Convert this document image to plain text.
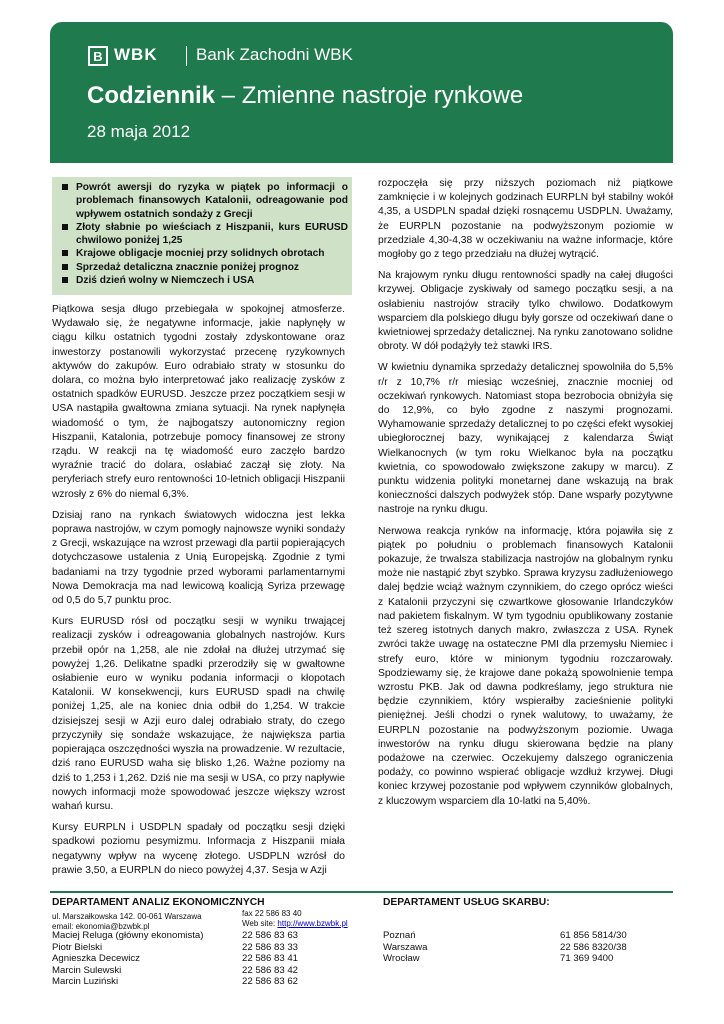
B WBK Bank Zachodni WBK
Codziennik – Zmienne nastroje rynkowe
28 maja 2012
Powrót awersji do ryzyka w piątek po informacji o problemach finansowych Katalonii, odreagowanie pod wpływem ostatnich sondaży z Grecji
Złoty słabnie po wieściach z Hiszpanii, kurs EURUSD chwilowo poniżej 1,25
Krajowe obligacje mocniej przy solidnych obrotach
Sprzedaż detaliczna znacznie poniżej prognoz
Dziś dzień wolny w Niemczech i USA

Piątkowa sesja długo przebiegała w spokojnej atmosferze. Wydawało się, że negatywne informacje, jakie napłynęły w ciągu kilku ostatnich tygodni zostały zdyskontowane oraz inwestorzy postanowili wykorzystać przecenę ryzykownych aktywów do zakupów. Euro odrabiało straty w stosunku do dolara, co można było interpretować jako realizację zysków z ostatnich spadków EURUSD. Jeszcze przez początkiem sesji w USA nastąpiła gwałtowna zmiana sytuacji. Na rynek napłynęła wiadomość o tym, że najbogatszy autonomiczny region Hiszpanii, Katalonia, potrzebuje pomocy finansowej ze strony rządu. W reakcji na tę wiadomość euro zaczęło bardzo wyraźnie tracić do dolara, osłabiać zaczął się złoty. Na peryferiach strefy euro rentowności 10-letnich obligacji Hiszpanii wzrosły z 6% do niemal 6,3%.

Dzisiaj rano na rynkach światowych widoczna jest lekka poprawa nastrojów, w czym pomogły najnowsze wyniki sondaży z Grecji, wskazujące na wzrost przewagi dla partii popierających dotychczasowe ustalenia z Unią Europejską. Zgodnie z tymi badaniami na trzy tygodnie przed wyborami parlamentarnymi Nowa Demokracja ma nad lewicową koalicją Syriza przewagę od 0,5 do 5,7 punktu proc.

Kurs EURUSD rósł od początku sesji w wyniku trwającej realizacji zysków i odreagowania globalnych nastrojów. Kurs przebił opór na 1,258, ale nie zdołał na dłużej utrzymać się powyżej 1,26. Delikatne spadki przerodziły się w gwałtowne osłabienie euro w wyniku podania informacji o kłopotach Katalonii. W konsekwencji, kurs EURUSD spadł na chwilę poniżej 1,25, ale na koniec dnia odbił do 1,254. W trakcie dzisiejszej sesji w Azji euro dalej odrabiało straty, do czego przyczyniły się sondaże wskazujące, że największa partia popierająca oszczędności wyszła na prowadzenie. W rezultacie, dziś rano EURUSD waha się blisko 1,26. Ważne poziomy na dziś to 1,253 i 1,262. Dziś nie ma sesji w USA, co przy napływie nowych informacji może spowodować jeszcze większy wzrost wahań kursu.

Kursy EURPLN i USDPLN spadały od początku sesji dzięki spadkowi poziomu pesymizmu. Informacja z Hiszpanii miała negatywny wpływ na wycenę złotego. USDPLN wzrósł do prawie 3,50, a EURPLN do nieco powyżej 4,37. Sesja w Azji

rozpoczęła się przy niższych poziomach niż piątkowe zamknięcie i w kolejnych godzinach EURPLN był stabilny wokół 4,35, a USDPLN spadał dzięki rosnącemu USDPLN. Uważamy, że EURPLN pozostanie na podwyższonym poziomie w przedziale 4,30-4,38 w oczekiwaniu na ważne informacje, które mogłoby go z tego przedziału na dłużej wytrącić.

Na krajowym rynku długu rentowności spadły na całej długości krzywej. Obligacje zyskiwały od samego początku sesji, a na osłabieniu nastrojów straciły tylko chwilowo. Dodatkowym wsparciem dla polskiego długu były gorsze od oczekiwań dane o kwietniowej sprzedaży detalicznej. Na rynku zanotowano solidne obroty. W dół podążyły też stawki IRS.

W kwietniu dynamika sprzedaży detalicznej spowolniła do 5,5% r/r z 10,7% r/r miesiąc wcześniej, znacznie mocniej od oczekiwań rynkowych. Natomiast stopa bezrobocia obniżyła się do 12,9%, co było zgodne z naszymi prognozami. Wyhamowanie sprzedaży detalicznej to po części efekt wysokiej ubiegłorocznej bazy, wynikającej z kalendarza Świąt Wielkanocnych (w tym roku Wielkanoc była na początku kwietnia, co spowodowało zwiększone zakupy w marcu). Z punktu widzenia polityki monetarnej dane wskazują na brak konieczności dalszych podwyżek stóp. Dane wsparły pozytywne nastroje na rynku długu.

Nerwowa reakcja rynków na informację, która pojawiła się z piątek po południu o problemach finansowych Katalonii pokazuje, że trwalsza stabilizacja nastrojów na globalnym rynku może nie nastąpić zbyt szybko. Sprawa kryzysu zadłużeniowego dalej będzie wciąż ważnym czynnikiem, do czego oprócz wieści z Katalonii przyczyni się czwartkowe głosowanie Irlandczyków nad pakietem fiskalnym. W tym tygodniu opublikowany zostanie też szereg istotnych danych makro, zwłaszcza z USA. Rynek zwróci także uwagę na ostateczne PMI dla przemysłu Niemiec i strefy euro, które w minionym tygodniu rozczarowały. Spodziewamy się, że krajowe dane pokażą spowolnienie tempa wzrostu PKB. Jak od dawna podkreślamy, jego struktura nie będzie czynnikiem, który wspierałby zacieśnienie polityki pieniężnej. Jeśli chodzi o rynek walutowy, to uważamy, że EURPLN pozostanie na podwyższonym poziomie. Uwaga inwestorów na rynku długu skierowana będzie na plany podażowe na czerwiec. Oczekujemy dalszego ograniczenia podaży, co powinno wspierać obligacje wzdłuż krzywej. Długi koniec krzywej pozostanie pod wpływem czynników globalnych, z kluczowym wsparciem dla 10-latki na 5,40%.

DEPARTAMENT ANALIZ EKONOMICZNYCH	DEPARTAMENT USŁUG SKARBU:
ul. Marszałkowska 142. 00-061 Warszawa
email: ekonomia@bzwbk.pl
fax 22 586 83 40
Web site: http://www.bzwbk.pl
Maciej Reluga (główny ekonomista)	22 586 83 63
Piotr Bielski	22 586 83 33
Agnieszka Decewicz	22 586 83 41
Marcin Sulewski	22 586 83 42
Marcin Luziński	22 586 83 62
Poznań	61 856 5814/30
Warszawa	22 586 8320/38
Wrocław	71 369 9400
